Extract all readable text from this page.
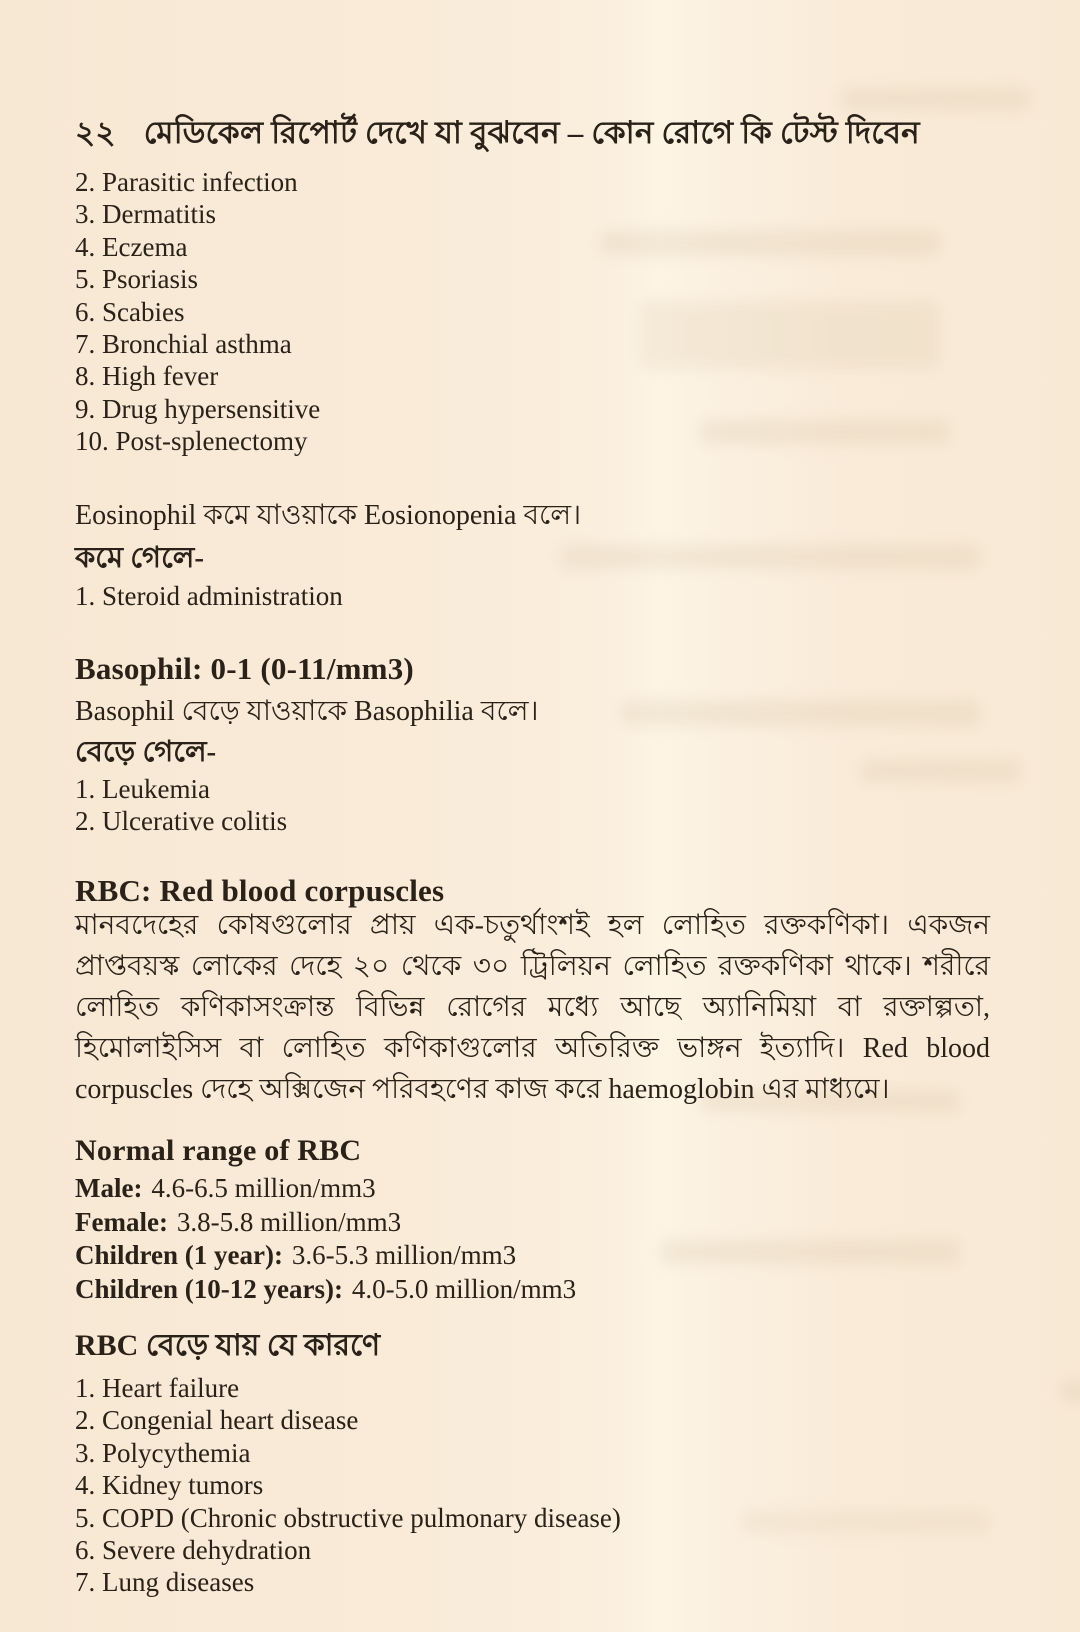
২২ মেডিকেল রিপোর্ট দেখে যা বুঝবেন – কোন রোগে কি টেস্ট দিবেন
2. Parasitic infection
3. Dermatitis
4. Eczema
5. Psoriasis
6. Scabies
7. Bronchial asthma
8. High fever
9. Drug hypersensitive
10. Post-splenectomy
Eosinophil কমে যাওয়াকে Eosionopenia বলে।
কমে গেলে-
1. Steroid administration
Basophil: 0-1 (0-11/mm3)
Basophil বেড়ে যাওয়াকে Basophilia বলে।
বেড়ে গেলে-
1. Leukemia
2. Ulcerative colitis
RBC: Red blood corpuscles
মানবদেহের কোষগুলোর প্রায় এক-চতুর্থাংশই হল লোহিত রক্তকণিকা। একজন প্রাপ্তবয়স্ক লোকের দেহে ২০ থেকে ৩০ ট্রিলিয়ন লোহিত রক্তকণিকা থাকে। শরীরে লোহিত কণিকাসংক্রান্ত বিভিন্ন রোগের মধ্যে আছে অ্যানিমিয়া বা রক্তাল্পতা, হিমোলাইসিস বা লোহিত কণিকাগুলোর অতিরিক্ত ভাঙ্গন ইত্যাদি। Red blood corpuscles দেহে অক্সিজেন পরিবহণের কাজ করে haemoglobin এর মাধ্যমে।
Normal range of RBC
Male: 4.6-6.5 million/mm3
Female: 3.8-5.8 million/mm3
Children (1 year): 3.6-5.3 million/mm3
Children (10-12 years): 4.0-5.0 million/mm3
RBC বেড়ে যায় যে কারণে
1. Heart failure
2. Congenial heart disease
3. Polycythemia
4. Kidney tumors
5. COPD (Chronic obstructive pulmonary disease)
6. Severe dehydration
7. Lung diseases
